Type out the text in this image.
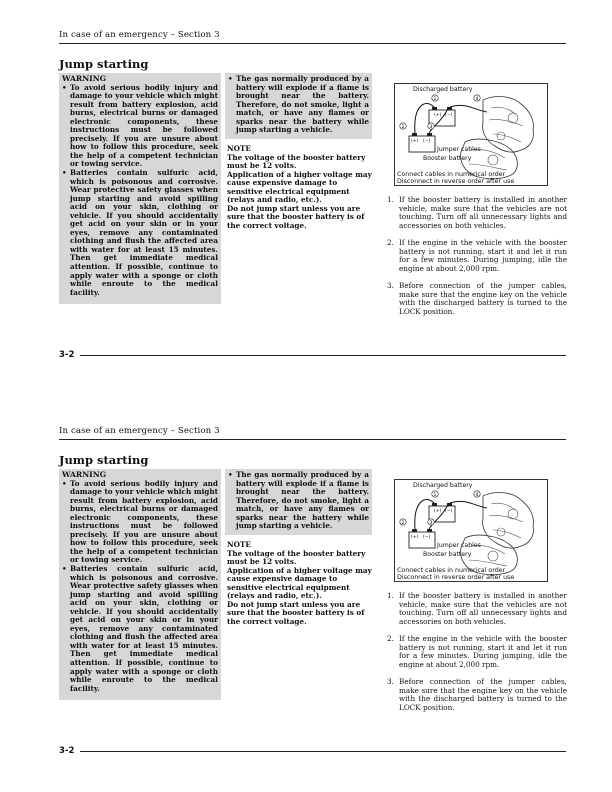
In case of an emergency – Section 3
Jump starting
WARNING
• To avoid serious bodily injury and damage to your vehicle which might result from battery explosion, acid burns, electrical burns or damaged electronic components, these instructions must be followed precisely. If you are unsure about how to follow this procedure, seek the help of a competent technician or towing service.
• Batteries contain sulfuric acid, which is poisonous and corrosive. Wear protective safety glasses when jump starting and avoid spilling acid on your skin, clothing or vehicle. If you should accidentally get acid on your skin or in your eyes, remove any contaminated clothing and flush the affected area with water for at least 15 minutes. Then get immediate medical attention. If possible, continue to apply water with a sponge or cloth while enroute to the medical facility.
• The gas normally produced by a battery will explode if a flame is brought near the battery. Therefore, do not smoke, light a match, or have any flames or sparks near the battery while jump starting a vehicle.

NOTE

The voltage of the booster battery must be 12 volts.

Application of a higher voltage may cause expensive damage to sensitive electrical equipment (relays and radio, etc.).

Do not jump start unless you are sure that the booster battery is of the correct voltage.

1
2	3
4
(+) (−)
(+) (−)
Discharged battery
Jumper cables
Booster battery
Connect cables in numerical order
Disconnect in reverse order after use
1. If the booster battery is installed in another vehicle, make sure that the vehicles are not touching. Turn off all unnecessary lights and accessories on both vehicles.
2. If the engine in the vehicle with the booster battery is not running, start it and let it run for a few minutes. During jumping, idle the engine at about 2,000 rpm.
3. Before connection of the jumper cables, make sure that the engine key on the vehicle with the discharged battery is turned to the LOCK position.
3-2
In case of an emergency – Section 3
Jump starting
WARNING
• To avoid serious bodily injury and damage to your vehicle which might result from battery explosion, acid burns, electrical burns or damaged electronic components, these instructions must be followed precisely. If you are unsure about how to follow this procedure, seek the help of a competent technician or towing service.
• Batteries contain sulfuric acid, which is poisonous and corrosive. Wear protective safety glasses when jump starting and avoid spilling acid on your skin, clothing or vehicle. If you should accidentally get acid on your skin or in your eyes, remove any contaminated clothing and flush the affected area with water for at least 15 minutes. Then get immediate medical attention. If possible, continue to apply water with a sponge or cloth while enroute to the medical facility.
• The gas normally produced by a battery will explode if a flame is brought near the battery. Therefore, do not smoke, light a match, or have any flames or sparks near the battery while jump starting a vehicle.

NOTE

The voltage of the booster battery must be 12 volts.

Application of a higher voltage may cause expensive damage to sensitive electrical equipment (relays and radio, etc.).

Do not jump start unless you are sure that the booster battery is of the correct voltage.

1
2	3
4
(+) (−)
(+) (−)
Discharged battery
Jumper cables
Booster battery
Connect cables in numerical order
Disconnect in reverse order after use
1. If the booster battery is installed in another vehicle, make sure that the vehicles are not touching. Turn off all unnecessary lights and accessories on both vehicles.
2. If the engine in the vehicle with the booster battery is not running, start it and let it run for a few minutes. During jumping, idle the engine at about 2,000 rpm.
3. Before connection of the jumper cables, make sure that the engine key on the vehicle with the discharged battery is turned to the LOCK position.
3-2
